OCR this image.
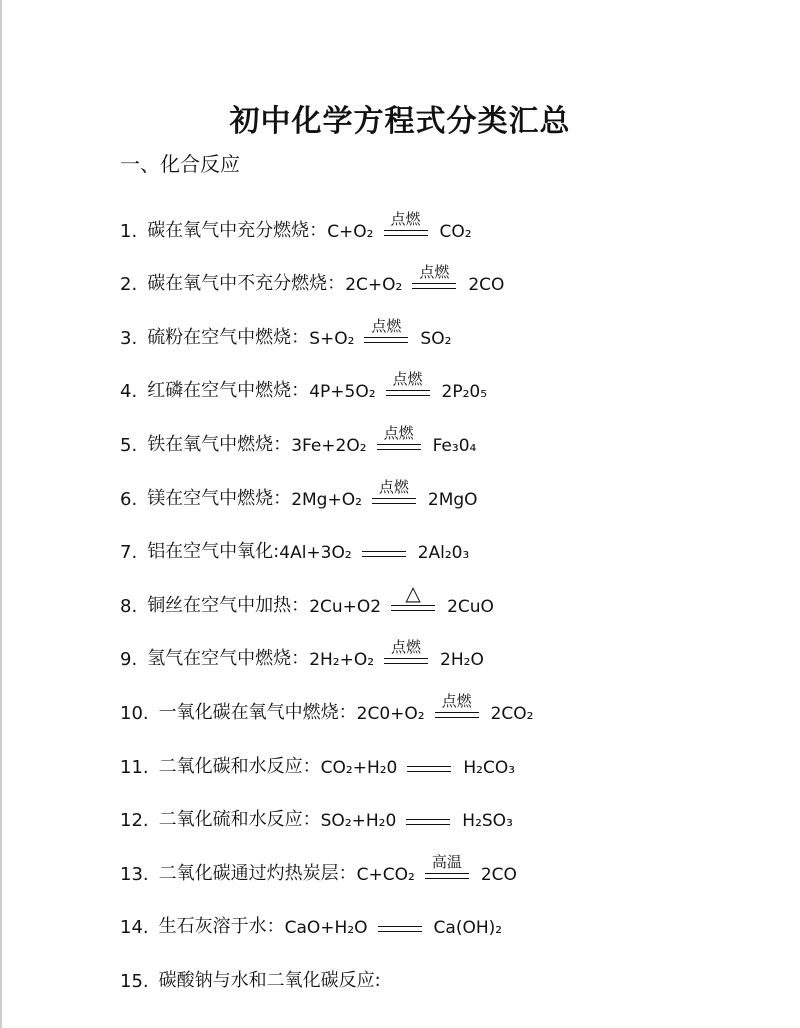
初中化学方程式分类汇总
一、化合反应
1. 碳在氧气中充分燃烧： C+O₂
点燃
CO₂
2. 碳在氧气中不充分燃烧： 2C+O₂
点燃
2CO
3. 硫粉在空气中燃烧： S+O₂
点燃
SO₂
4. 红磷在空气中燃烧： 4P+5O₂
点燃
2P₂0₅
5. 铁在氧气中燃烧： 3Fe+2O₂
点燃
Fe₃0₄
6. 镁在空气中燃烧： 2Mg+O₂
点燃
2MgO
7. 铝在空气中氧化: 4Al+3O₂	2Al₂0₃
8. 铜丝在空气中加热： 2Cu+O2
△
2CuO
9. 氢气在空气中燃烧： 2H₂+O₂
点燃
2H₂O
10. 一氧化碳在氧气中燃烧： 2C0+O₂
点燃
2CO₂
11. 二氧化碳和水反应： CO₂+H₂0	H₂CO₃
12. 二氧化硫和水反应： SO₂+H₂0	H₂SO₃
13. 二氧化碳通过灼热炭层： C+CO₂
高温
2CO
14. 生石灰溶于水： CaO+H₂O	Ca(OH)₂
15. 碳酸钠与水和二氧化碳反应:
